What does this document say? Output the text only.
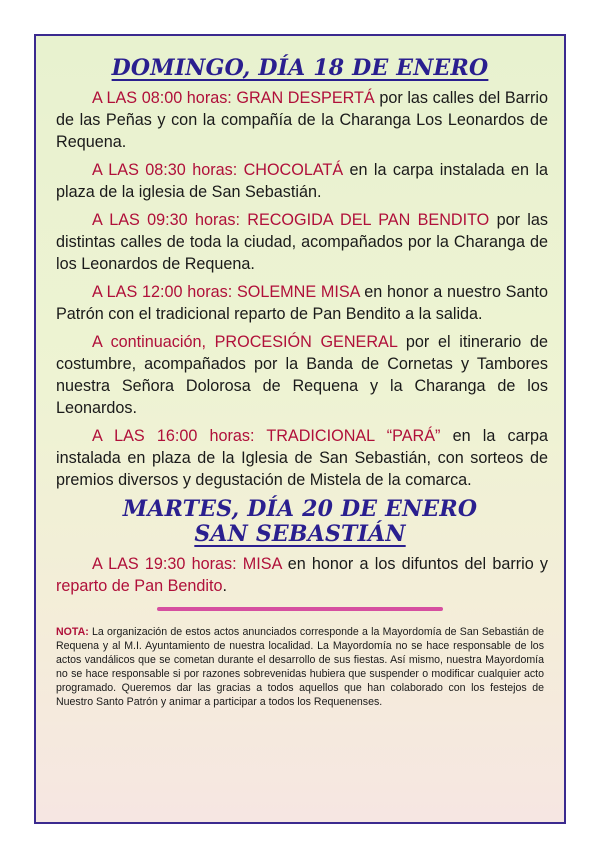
DOMINGO, DÍA 18 DE ENERO

A LAS 08:00 horas: GRAN DESPERTÁ por las calles del Barrio de las Peñas y con la compañía de la Charanga Los Leonardos de Requena.

A LAS 08:30 horas: CHOCOLATÁ en la carpa instalada en la plaza de la iglesia de San Sebastián.

A LAS 09:30 horas: RECOGIDA DEL PAN BENDITO por las distintas calles de toda la ciudad, acompañados por la Charanga de los Leonardos de Requena.

A LAS 12:00 horas: SOLEMNE MISA en honor a nuestro Santo Patrón con el tradicional reparto de Pan Bendito a la salida.

A continuación, PROCESIÓN GENERAL por el itinerario de costumbre, acompañados por la Banda de Cornetas y Tambores nuestra Señora Dolorosa de Requena y la Charanga de los Leonardos.

A LAS 16:00 horas: TRADICIONAL “PARÁ” en la carpa instalada en plaza de la Iglesia de San Sebastián, con sorteos de premios diversos y degustación de Mistela de la comarca.

MARTES, DÍA 20 DE ENERO
SAN SEBASTIÁN

A LAS 19:30 horas: MISA en honor a los difuntos del barrio y reparto de Pan Bendito.

NOTA: La organización de estos actos anunciados corresponde a la Mayordomía de San Sebastián de Requena y al M.I. Ayuntamiento de nuestra localidad. La Mayordomía no se hace responsable de los actos vandálicos que se cometan durante el desarrollo de sus fiestas. Así mismo, nuestra Mayordomía no se hace responsable si por razones sobrevenidas hubiera que suspender o modificar cualquier acto programado. Queremos dar las gracias a todos aquellos que han colaborado con los festejos de Nuestro Santo Patrón y animar a participar a todos los Requenenses.
